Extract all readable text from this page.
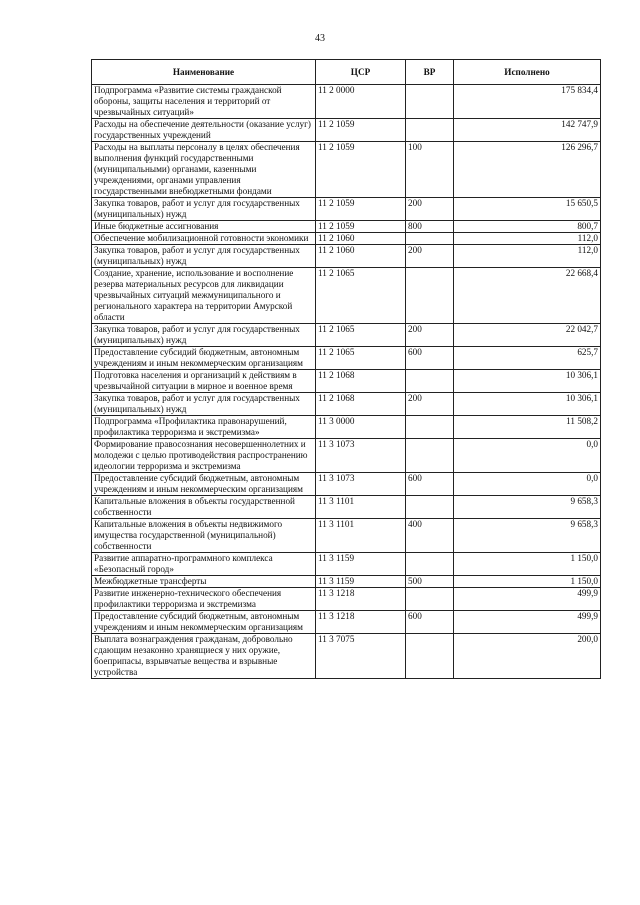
43
Наименование	ЦСР	ВР	Исполнено
Подпрограмма «Развитие системы гражданской обороны, защиты населения и территорий от чрезвычайных ситуаций»	11 2 0000		175 834,4
Расходы на обеспечение деятельности (оказание услуг) государственных учреждений	11 2 1059		142 747,9
Расходы на выплаты персоналу в целях обеспечения выполнения функций государственными (муниципальными) органами, казенными учреждениями, органами управления государственными внебюджетными фондами	11 2 1059	100	126 296,7
Закупка товаров, работ и услуг для государственных (муниципальных) нужд	11 2 1059	200	15 650,5
Иные бюджетные ассигнования	11 2 1059	800	800,7
Обеспечение мобилизационной готовности экономики	11 2 1060		112,0
Закупка товаров, работ и услуг для государственных (муниципальных) нужд	11 2 1060	200	112,0
Создание, хранение, использование и восполнение резерва материальных ресурсов для ликвидации чрезвычайных ситуаций межмуниципального и регионального характера на территории Амурской области	11 2 1065		22 668,4
Закупка товаров, работ и услуг для государственных (муниципальных) нужд	11 2 1065	200	22 042,7
Предоставление субсидий бюджетным, автономным учреждениям и иным некоммерческим организациям	11 2 1065	600	625,7
Подготовка населения и организаций к действиям в чрезвычайной ситуации в мирное и военное время	11 2 1068		10 306,1
Закупка товаров, работ и услуг для государственных (муниципальных) нужд	11 2 1068	200	10 306,1
Подпрограмма «Профилактика правонарушений, профилактика терроризма и экстремизма»	11 3 0000		11 508,2
Формирование правосознания несовершеннолетних и молодежи с целью противодействия распространению идеологии терроризма и экстремизма	11 3 1073		0,0
Предоставление субсидий бюджетным, автономным учреждениям и иным некоммерческим организациям	11 3 1073	600	0,0
Капитальные вложения в объекты государственной собственности	11 3 1101		9 658,3
Капитальные вложения в объекты недвижимого имущества государственной (муниципальной) собственности	11 3 1101	400	9 658,3
Развитие аппаратно-программного комплекса «Безопасный город»	11 3 1159		1 150,0
Межбюджетные трансферты	11 3 1159	500	1 150,0
Развитие инженерно-технического обеспечения профилактики терроризма и экстремизма	11 3 1218		499,9
Предоставление субсидий бюджетным, автономным учреждениям и иным некоммерческим организациям	11 3 1218	600	499,9
Выплата вознаграждения гражданам, добровольно сдающим незаконно хранящиеся у них оружие, боеприпасы, взрывчатые вещества и взрывные устройства	11 3 7075		200,0
